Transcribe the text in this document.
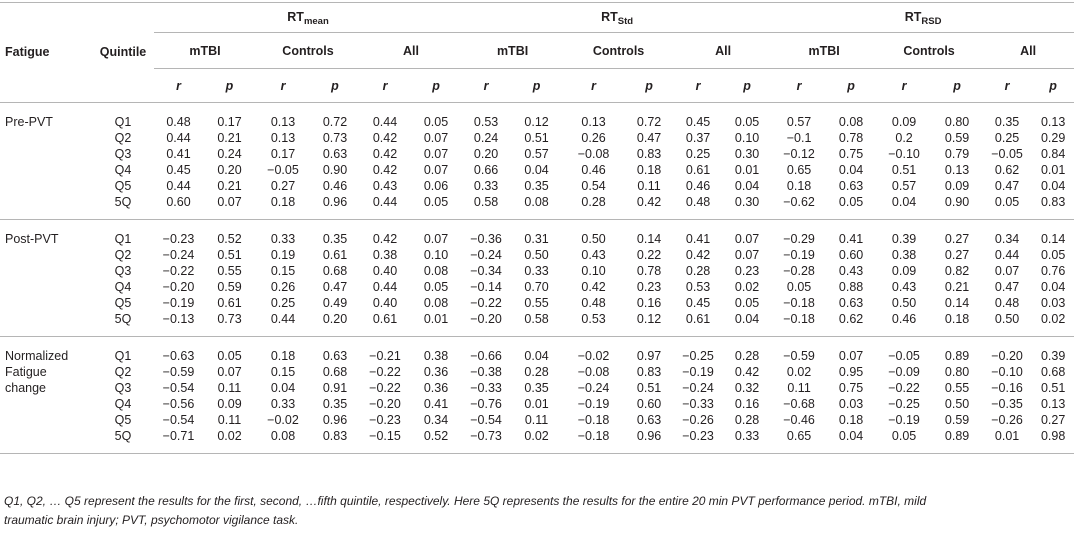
Fatigue	Quintile	$RT_{mean}$						$RT_{Std}$						$RT_{RSD}$
		mTBI		Controls		All		mTBI		Controls		All		mTBI		Controls		All	
		r	p	r	p	r	p	r	p	r	p	r	p	r	p	r	p	r	p

Pre-PVT	Q1	0.48	0.17	0.13	0.72	0.44	0.05	0.53	0.12	0.13	0.72	0.45	0.05	0.57	0.08	0.09	0.80	0.35	0.13
	Q2	0.44	0.21	0.13	0.73	0.42	0.07	0.24	0.51	0.26	0.47	0.37	0.10	−0.1	0.78	0.2	0.59	0.25	0.29
	Q3	0.41	0.24	0.17	0.63	0.42	0.07	0.20	0.57	−0.08	0.83	0.25	0.30	−0.12	0.75	−0.10	0.79	−0.05	0.84
	Q4	0.45	0.20	−0.05	0.90	0.42	0.07	0.66	0.04	0.46	0.18	0.61	0.01	0.65	0.04	0.51	0.13	0.62	0.01
	Q5	0.44	0.21	0.27	0.46	0.43	0.06	0.33	0.35	0.54	0.11	0.46	0.04	0.18	0.63	0.57	0.09	0.47	0.04
	5Q	0.60	0.07	0.18	0.96	0.44	0.05	0.58	0.08	0.28	0.42	0.48	0.30	−0.62	0.05	0.04	0.90	0.05	0.83

Post-PVT	Q1	−0.23	0.52	0.33	0.35	0.42	0.07	−0.36	0.31	0.50	0.14	0.41	0.07	−0.29	0.41	0.39	0.27	0.34	0.14
	Q2	−0.24	0.51	0.19	0.61	0.38	0.10	−0.24	0.50	0.43	0.22	0.42	0.07	−0.19	0.60	0.38	0.27	0.44	0.05
	Q3	−0.22	0.55	0.15	0.68	0.40	0.08	−0.34	0.33	0.10	0.78	0.28	0.23	−0.28	0.43	0.09	0.82	0.07	0.76
	Q4	−0.20	0.59	0.26	0.47	0.44	0.05	−0.14	0.70	0.42	0.23	0.53	0.02	0.05	0.88	0.43	0.21	0.47	0.04
	Q5	−0.19	0.61	0.25	0.49	0.40	0.08	−0.22	0.55	0.48	0.16	0.45	0.05	−0.18	0.63	0.50	0.14	0.48	0.03
	5Q	−0.13	0.73	0.44	0.20	0.61	0.01	−0.20	0.58	0.53	0.12	0.61	0.04	−0.18	0.62	0.46	0.18	0.50	0.02

Normalized
Fatigue
change	Q1	−0.63	0.05	0.18	0.63	−0.21	0.38	−0.66	0.04	−0.02	0.97	−0.25	0.28	−0.59	0.07	−0.05	0.89	−0.20	0.39
	Q2	−0.59	0.07	0.15	0.68	−0.22	0.36	−0.38	0.28	−0.08	0.83	−0.19	0.42	0.02	0.95	−0.09	0.80	−0.10	0.68
	Q3	−0.54	0.11	0.04	0.91	−0.22	0.36	−0.33	0.35	−0.24	0.51	−0.24	0.32	0.11	0.75	−0.22	0.55	−0.16	0.51
	Q4	−0.56	0.09	0.33	0.35	−0.20	0.41	−0.76	0.01	−0.19	0.60	−0.33	0.16	−0.68	0.03	−0.25	0.50	−0.35	0.13
	Q5	−0.54	0.11	−0.02	0.96	−0.23	0.34	−0.54	0.11	−0.18	0.63	−0.26	0.28	−0.46	0.18	−0.19	0.59	−0.26	0.27
	5Q	−0.71	0.02	0.08	0.83	−0.15	0.52	−0.73	0.02	−0.18	0.96	−0.23	0.33	0.65	0.04	0.05	0.89	0.01	0.98
Q1, Q2, … Q5 represent the results for the first, second, …fifth quintile, respectively. Here 5Q represents the results for the entire 20 min PVT performance period. mTBI, mild
traumatic brain injury; PVT, psychomotor vigilance task.
